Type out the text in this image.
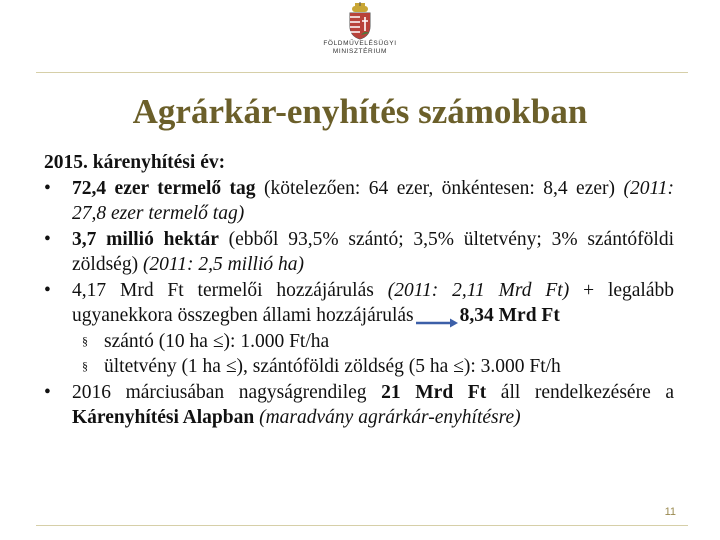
FÖLDMŰVELÉSÜGYI
MINISZTÉRIUM
Agrárkár-enyhítés számokban
2015. kárenyhítési év:
• 72,4 ezer termelő tag (kötelezően: 64 ezer, önkéntesen: 8,4 ezer) (2011: 27,8 ezer termelő tag)
• 3,7 millió hektár (ebből 93,5% szántó; 3,5% ültetvény; 3% szántóföldi zöldség) (2011: 2,5 millió ha)
• 4,17 Mrd Ft termelői hozzájárulás (2011: 2,11 Mrd Ft) + legalább ugyanekkora összegben állami hozzájárulás 8,34 Mrd Ft
§ szántó (10 ha ≤): 1.000 Ft/ha
§ ültetvény (1 ha ≤), szántóföldi zöldség (5 ha ≤): 3.000 Ft/h
• 2016 márciusában nagyságrendileg 21 Mrd Ft áll rendelkezésére a Kárenyhítési Alapban (maradvány agrárkár-enyhítésre)
11
